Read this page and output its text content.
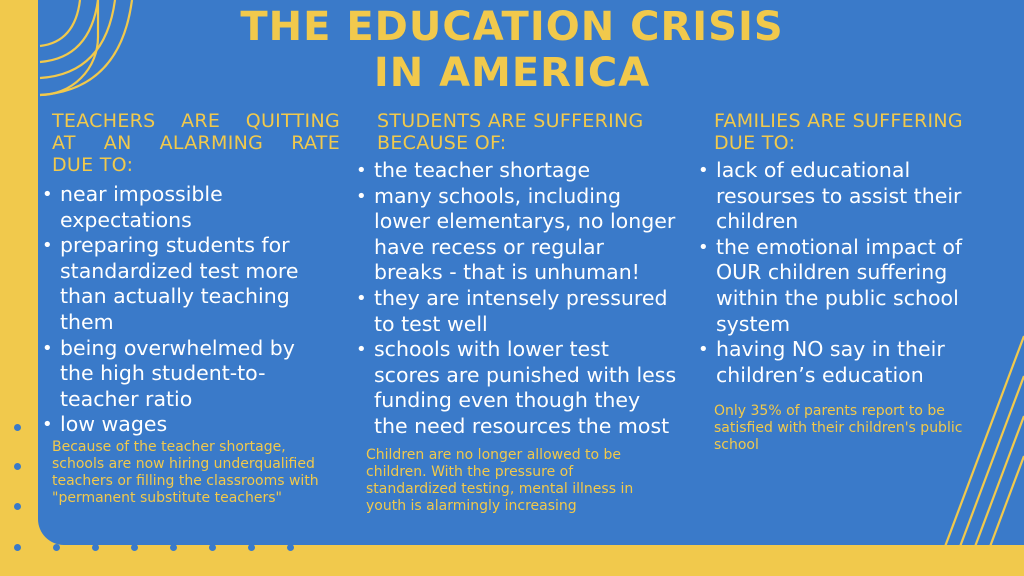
THE EDUCATION CRISIS
IN AMERICA
TEACHERS ARE QUITTING
AT AN ALARMING RATE
DUE TO:
• near impossible expectations
• preparing students for standardized test more than actually teaching them
• being overwhelmed by the high student-to-teacher ratio
• low wages
Because of the teacher shortage, schools are now hiring underqualified teachers or filling the classrooms with "permanent substitute teachers"
STUDENTS ARE SUFFERING
BECAUSE OF:
• the teacher shortage
• many schools, including lower elementarys, no longer have recess or regular breaks - that is unhuman!
• they are intensely pressured to test well
• schools with lower test scores are punished with less funding even though they the need resources the most
Children are no longer allowed to be children. With the pressure of standardized testing, mental illness in youth is alarmingly increasing
FAMILIES ARE SUFFERING
DUE TO:
• lack of educational resourses to assist their children
• the emotional impact of OUR children suffering within the public school system
• having NO say in their children’s education
Only 35% of parents report to be satisfied with their children's public school
